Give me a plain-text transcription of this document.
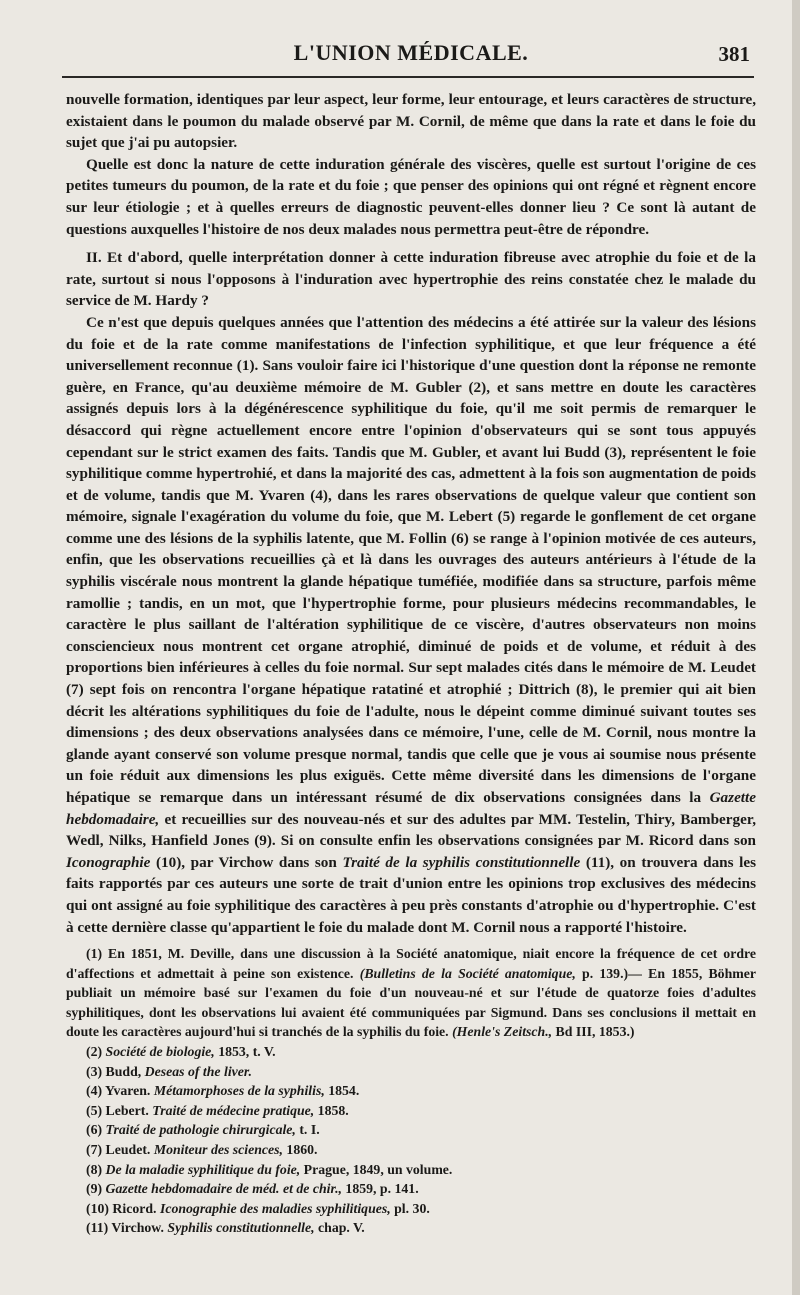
L'UNION MÉDICALE.	381

nouvelle formation, identiques par leur aspect, leur forme, leur entourage, et leurs caractères de structure, existaient dans le poumon du malade observé par M. Cornil, de même que dans la rate et dans le foie du sujet que j'ai pu autopsier.

Quelle est donc la nature de cette induration générale des viscères, quelle est surtout l'origine de ces petites tumeurs du poumon, de la rate et du foie ; que penser des opinions qui ont régné et règnent encore sur leur étiologie ; et à quelles erreurs de diagnostic peuvent-elles donner lieu ? Ce sont là autant de questions auxquelles l'histoire de nos deux malades nous permettra peut-être de répondre.

II. Et d'abord, quelle interprétation donner à cette induration fibreuse avec atrophie du foie et de la rate, surtout si nous l'opposons à l'induration avec hypertrophie des reins constatée chez le malade du service de M. Hardy ?

Ce n'est que depuis quelques années que l'attention des médecins a été attirée sur la valeur des lésions du foie et de la rate comme manifestations de l'infection syphilitique, et que leur fréquence a été universellement reconnue (1). Sans vouloir faire ici l'historique d'une question dont la réponse ne remonte guère, en France, qu'au deuxième mémoire de M. Gubler (2), et sans mettre en doute les caractères assignés depuis lors à la dégénérescence syphilitique du foie, qu'il me soit permis de remarquer le désaccord qui règne actuellement encore entre l'opinion d'observateurs qui se sont tous appuyés cependant sur le strict examen des faits. Tandis que M. Gubler, et avant lui Budd (3), représentent le foie syphilitique comme hypertrohié, et dans la majorité des cas, admettent à la fois son augmentation de poids et de volume, tandis que M. Yvaren (4), dans les rares observations de quelque valeur que contient son mémoire, signale l'exagération du volume du foie, que M. Lebert (5) regarde le gonflement de cet organe comme une des lésions de la syphilis latente, que M. Follin (6) se range à l'opinion motivée de ces auteurs, enfin, que les observations recueillies çà et là dans les ouvrages des auteurs antérieurs à l'étude de la syphilis viscérale nous montrent la glande hépatique tuméfiée, modifiée dans sa structure, parfois même ramollie ; tandis, en un mot, que l'hypertrophie forme, pour plusieurs médecins recommandables, le caractère le plus saillant de l'altération syphilitique de ce viscère, d'autres observateurs non moins consciencieux nous montrent cet organe atrophié, diminué de poids et de volume, et réduit à des proportions bien inférieures à celles du foie normal. Sur sept malades cités dans le mémoire de M. Leudet (7) sept fois on rencontra l'organe hépatique ratatiné et atrophié ; Dittrich (8), le premier qui ait bien décrit les altérations syphilitiques du foie de l'adulte, nous le dépeint comme diminué suivant toutes ses dimensions ; des deux observations analysées dans ce mémoire, l'une, celle de M. Cornil, nous montre la glande ayant conservé son volume presque normal, tandis que celle que je vous ai soumise nous présente un foie réduit aux dimensions les plus exiguës. Cette même diversité dans les dimensions de l'organe hépatique se remarque dans un intéressant résumé de dix observations consignées dans la Gazette hebdomadaire, et recueillies sur des nouveau-nés et sur des adultes par MM. Testelin, Thiry, Bamberger, Wedl, Nilks, Hanfield Jones (9). Si on consulte enfin les observations consignées par M. Ricord dans son Iconographie (10), par Virchow dans son Traité de la syphilis constitutionnelle (11), on trouvera dans les faits rapportés par ces auteurs une sorte de trait d'union entre les opinions trop exclusives des médecins qui ont assigné au foie syphilitique des caractères à peu près constants d'atrophie ou d'hypertrophie. C'est à cette dernière classe qu'appartient le foie du malade dont M. Cornil nous a rapporté l'histoire.

(1) En 1851, M. Deville, dans une discussion à la Société anatomique, niait encore la fréquence de cet ordre d'affections et admettait à peine son existence. (Bulletins de la Société anatomique, p. 139.)— En 1855, Böhmer publiait un mémoire basé sur l'examen du foie d'un nouveau-né et sur l'étude de quatorze foies d'adultes syphilitiques, dont les observations lui avaient été communiquées par Sigmund. Dans ses conclusions il mettait en doute les caractères aujourd'hui si tranchés de la syphilis du foie. (Henle's Zeitsch., Bd III, 1853.)

(2) Société de biologie, 1853, t. V.

(3) Budd, Deseas of the liver.

(4) Yvaren. Métamorphoses de la syphilis, 1854.

(5) Lebert. Traité de médecine pratique, 1858.

(6) Traité de pathologie chirurgicale, t. I.

(7) Leudet. Moniteur des sciences, 1860.

(8) De la maladie syphilitique du foie, Prague, 1849, un volume.

(9) Gazette hebdomadaire de méd. et de chir., 1859, p. 141.

(10) Ricord. Iconographie des maladies syphilitiques, pl. 30.

(11) Virchow. Syphilis constitutionnelle, chap. V.
